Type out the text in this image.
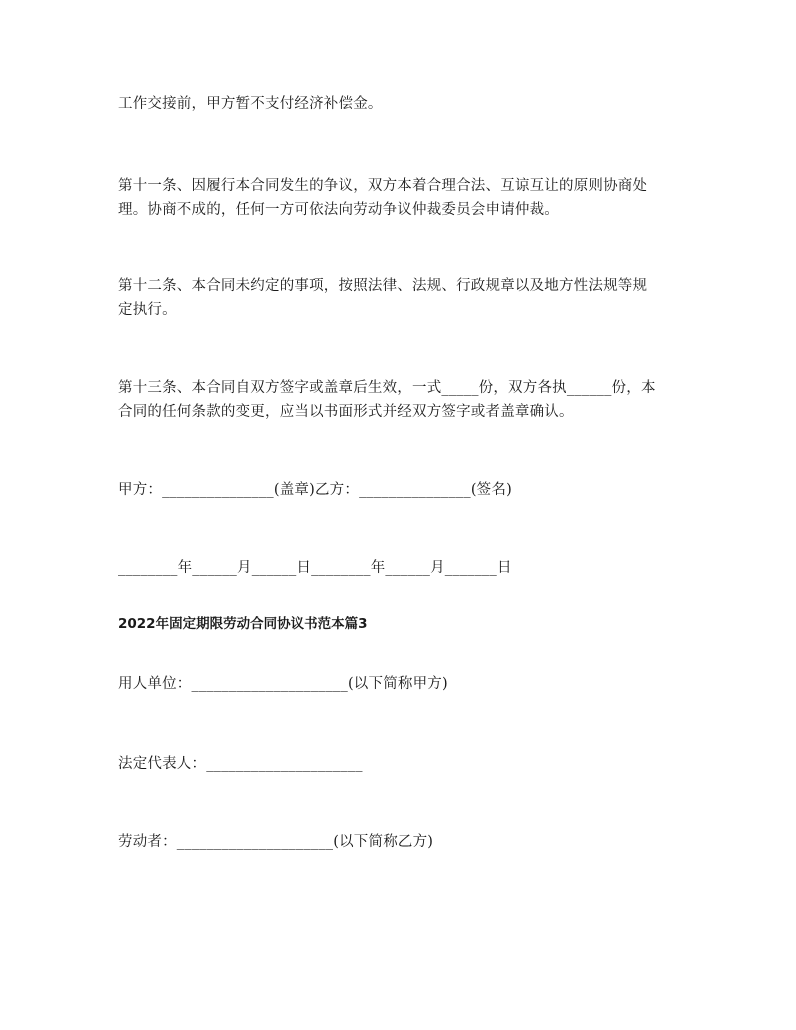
工作交接前，甲方暂不支付经济补偿金。
第十一条、因履行本合同发生的争议，双方本着合理合法、互谅互让的原则协商处
理。协商不成的，任何一方可依法向劳动争议仲裁委员会申请仲裁。
第十二条、本合同未约定的事项，按照法律、法规、行政规章以及地方性法规等规
定执行。
第十三条、本合同自双方签字或盖章后生效，一式_____份，双方各执______份，本
合同的任何条款的变更，应当以书面形式并经双方签字或者盖章确认。
甲方：_______________(盖章)乙方：_______________(签名)
________年______月______日________年______月_______日
2022年固定期限劳动合同协议书范本篇3
用人单位：_____________________(以下简称甲方)
法定代表人：_____________________
劳动者：_____________________(以下简称乙方)
